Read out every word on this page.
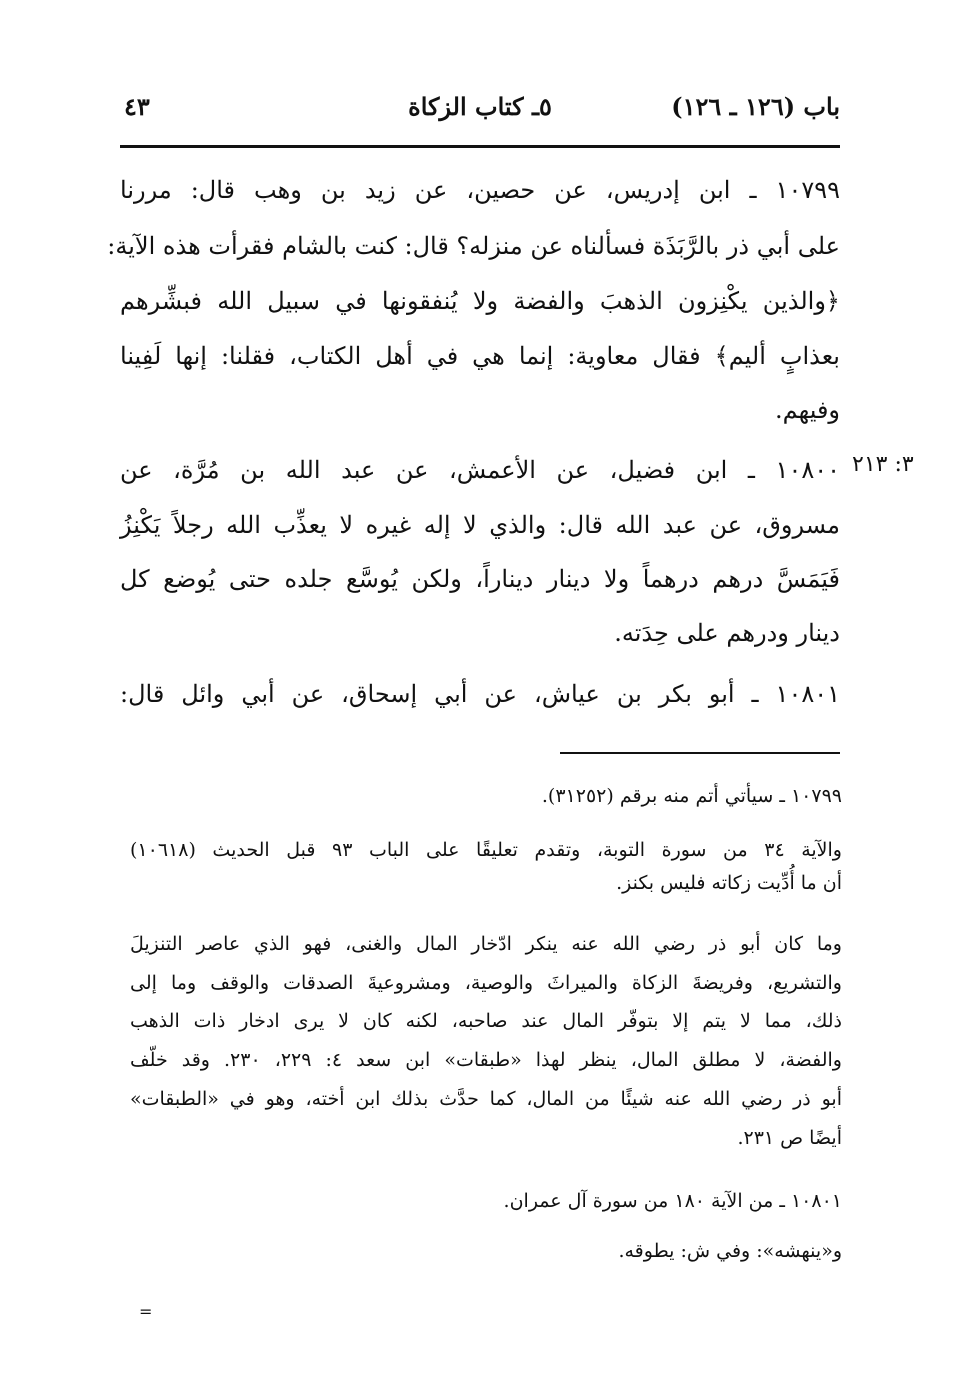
باب (١٢٦ ـ ١٢٦)
٥ـ كتاب الزكاة
٤٣
٣: ٢١٣
١٠٧٩٩ ـ ابن إدريس، عن حصين، عن زيد بن وهب قال: مررنا
على أبي ذر بالرَّبَذَة فسألناه عن منزله؟ قال: كنت بالشام فقرأت هذه الآية:
﴿والذين يكْنِزون الذهبَ والفضة ولا يُنفقونها في سبيل الله فبشِّرهم
بعذابٍ أليم﴾ فقال معاوية: إنما هي في أهل الكتاب، فقلنا: إنها لَفِينا
وفيهم.
١٠٨٠٠ ـ ابن فضيل، عن الأعمش، عن عبد الله بن مُرَّة، عن
مسروق، عن عبد الله قال: والذي لا إله غيره لا يعذِّب الله رجلاً يَكْنِزُ
فَيَمَسَّ درهم درهماً ولا دينار ديناراً، ولكن يُوسَّع جلده حتى يُوضع كل
دينار ودرهم على حِدَته.
١٠٨٠١ ـ أبو بكر بن عياش، عن أبي إسحاق، عن أبي وائل قال:
١٠٧٩٩ ـ سيأتي أتم منه برقم (٣١٢٥٢).
والآية ٣٤ من سورة التوبة، وتقدم تعليقًا على الباب ٩٣ قبل الحديث (١٠٦١٨)
أن ما أُدِّيت زكاته فليس بكنز.
وما كان أبو ذر رضي الله عنه ينكر ادّخار المال والغنى، فهو الذي عاصر التنزيلَ
والتشريع، وفريضةَ الزكاة والميراثَ والوصية، ومشروعيةَ الصدقات والوقف وما إلى
ذلك، مما لا يتم إلا بتوفّر المال عند صاحبه، لكنه كان لا يرى ادخار ذات الذهب
والفضة، لا مطلق المال، ينظر لهذا «طبقات» ابن سعد ٤: ٢٢٩، ٢٣٠. وقد خلّف
أبو ذر رضي الله عنه شيئًا من المال، كما حدَّث بذلك ابن أخته، وهو في «الطبقات»
أيضًا ص ٢٣١.
١٠٨٠١ ـ من الآية ١٨٠ من سورة آل عمران.
و«ينهشه»: وفي ش: يطوقه.
=
